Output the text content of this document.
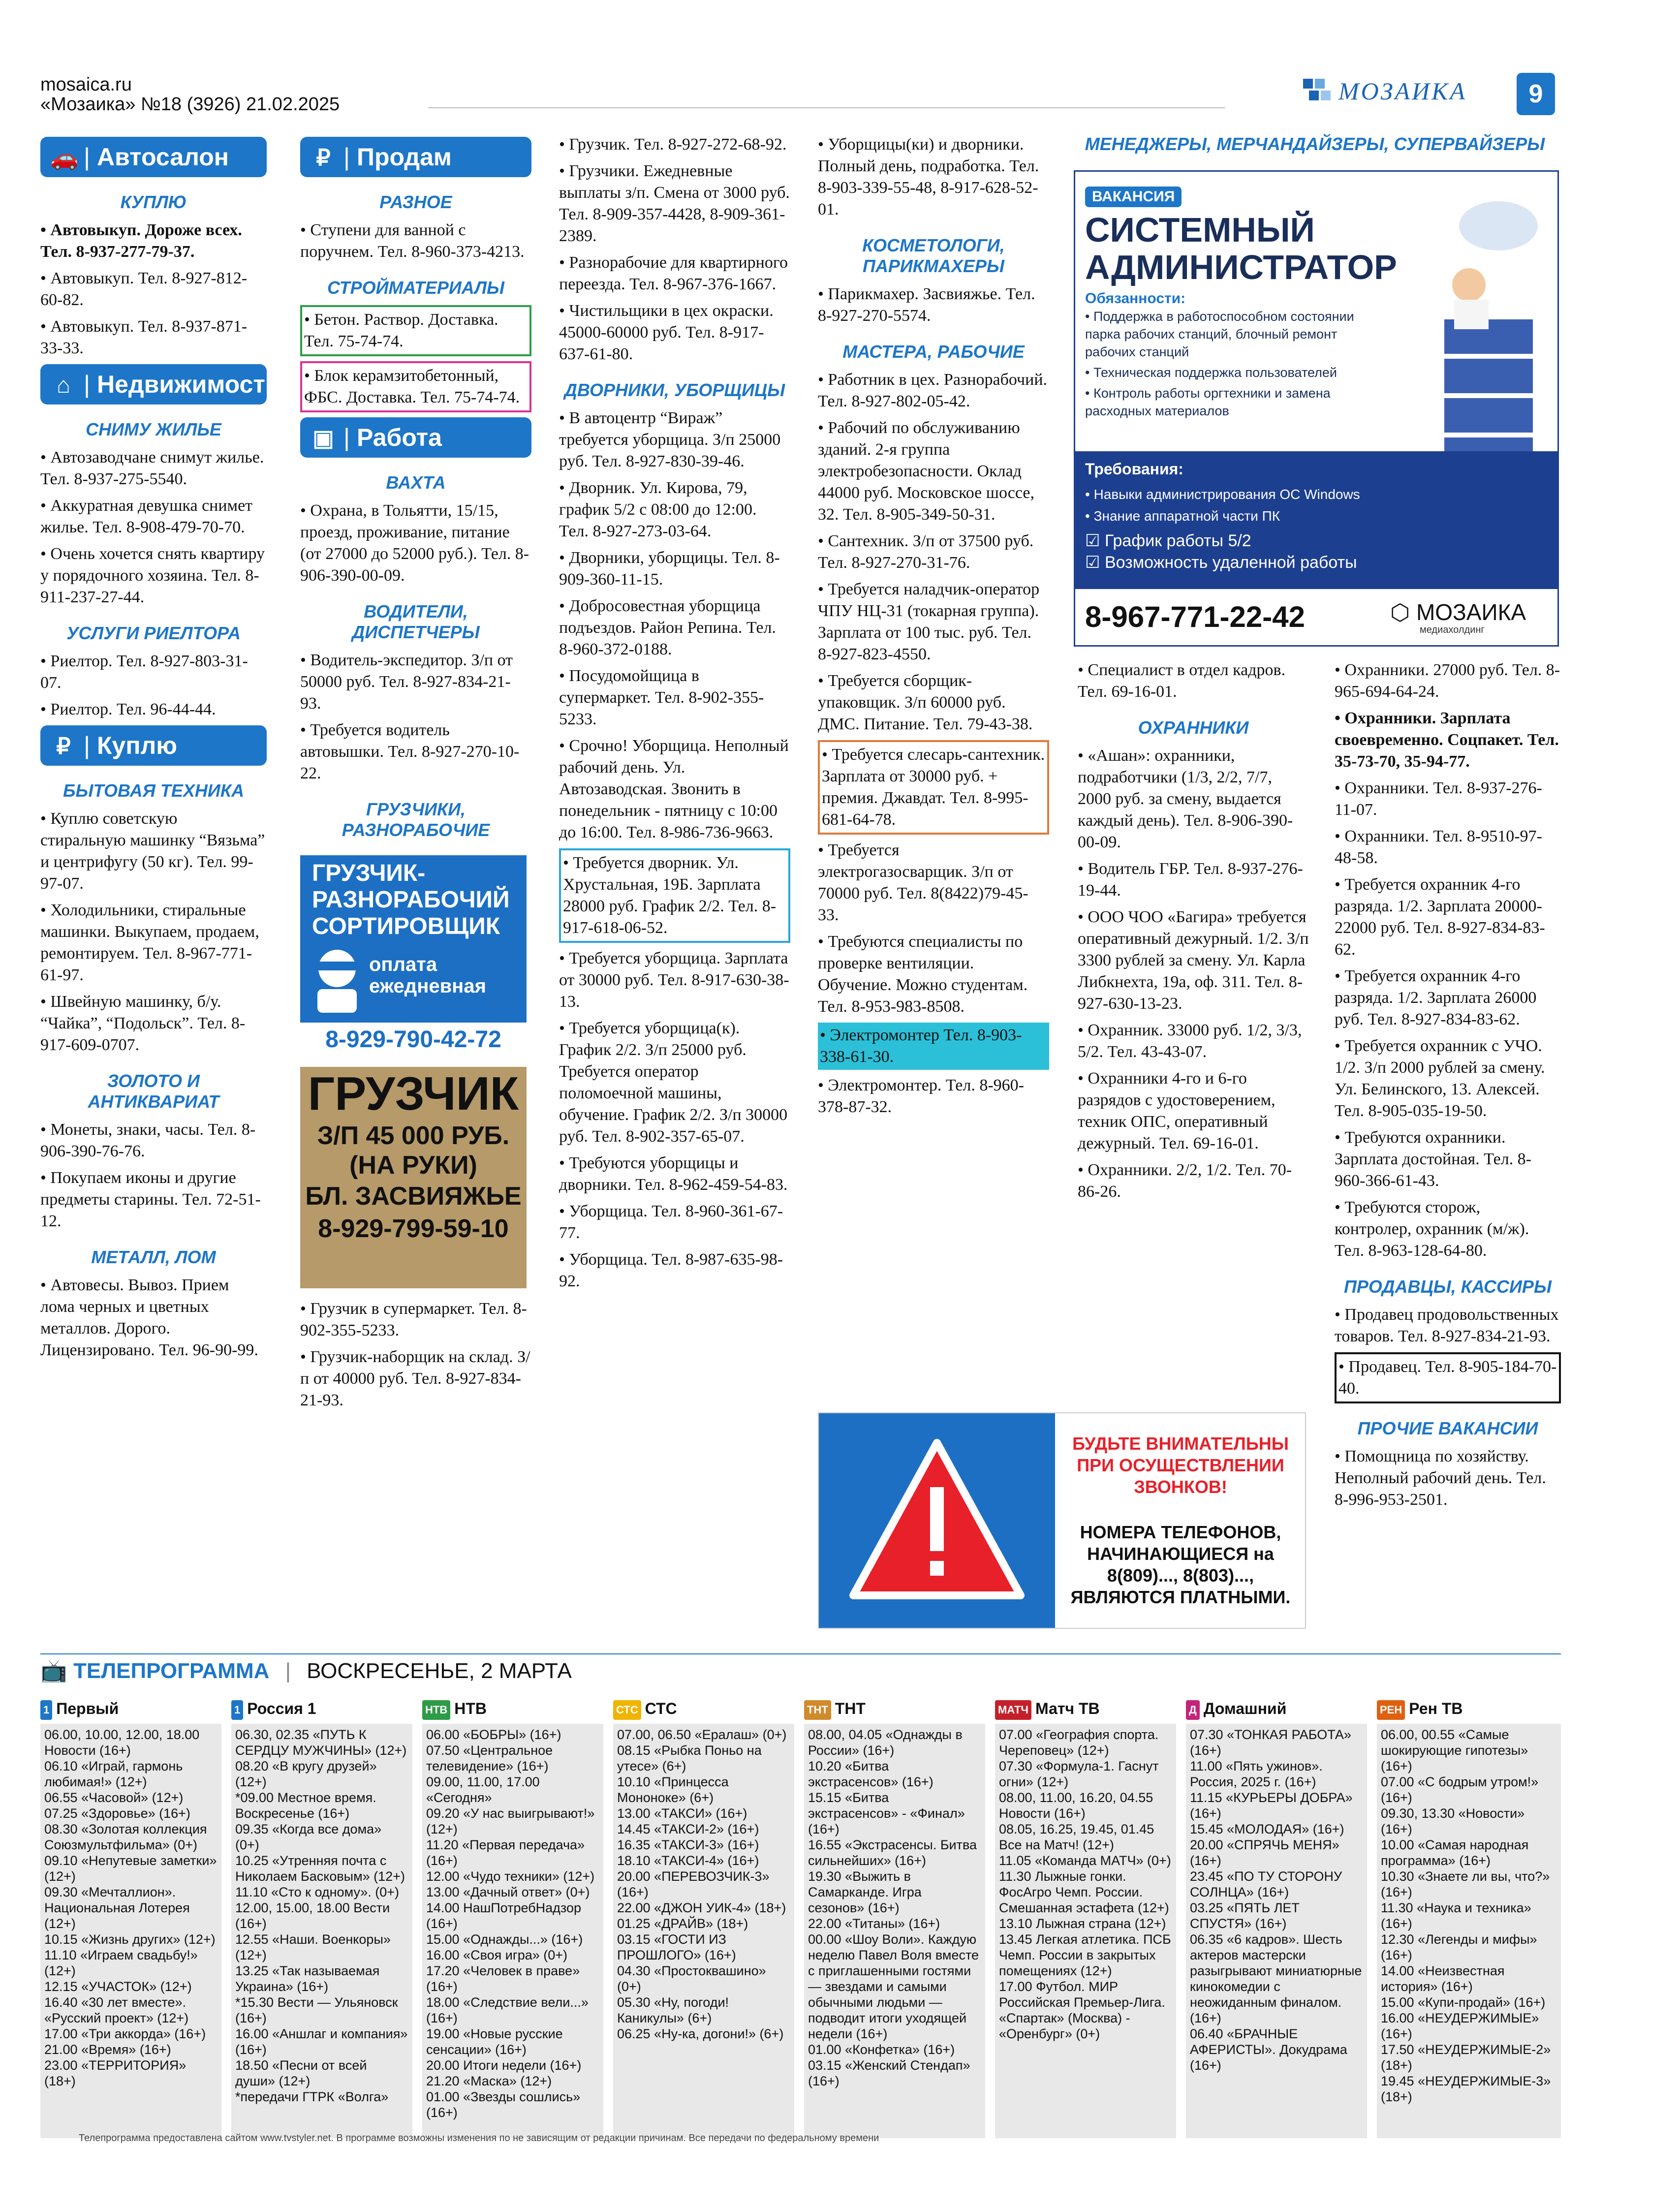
mosaica.ru
«Мозаика» №18 (3926) 21.02.2025	МОЗАИКА	9
🚗 | Автосалон
КУПЛЮ

• Автовыкуп. Дороже всех. Тел. 8-937-277-79-37.

• Автовыкуп. Тел. 8-927-812-60-82.

• Автовыкуп. Тел. 8-937-871-33-33.

⌂ | Недвижимость
СНИМУ ЖИЛЬЕ

• Автозаводчане снимут жилье. Тел. 8-937-275-5540.

• Аккуратная девушка снимет жилье. Тел. 8-908-479-70-70.

• Очень хочется снять квартиру у порядочного хозяина. Тел. 8-911-237-27-44.

УСЛУГИ РИЕЛТОРА

• Риелтор. Тел. 8-927-803-31-07.

• Риелтор. Тел. 96-44-44.

₽ | Куплю
БЫТОВАЯ ТЕХНИКА

• Куплю советскую стиральную машинку “Вязьма” и центрифугу (50 кг). Тел. 99-97-07.

• Холодильники, стиральные машинки. Выкупаем, продаем, ремонтируем. Тел. 8-967-771-61-97.

• Швейную машинку, б/у. “Чайка”, “Подольск”. Тел. 8-917-609-0707.

ЗОЛОТО И АНТИКВАРИАТ

• Монеты, знаки, часы. Тел. 8-906-390-76-76.

• Покупаем иконы и другие предметы старины. Тел. 72-51-12.

МЕТАЛЛ, ЛОМ

• Автовесы. Вывоз. Прием лома черных и цветных металлов. Дорого. Лицензировано. Тел. 96-90-99.

₽ | Продам
РАЗНОЕ

• Ступени для ванной с поручнем. Тел. 8-960-373-4213.

СТРОЙМАТЕРИАЛЫ

• Бетон. Раствор. Доставка. Тел. 75-74-74.

• Блок керамзитобетонный, ФБС. Доставка. Тел. 75-74-74.

▣ | Работа
ВАХТА

• Охрана, в Тольятти, 15/15, проезд, проживание, питание (от 27000 до 52000 руб.). Тел. 8-906-390-00-09.

ВОДИТЕЛИ, ДИСПЕТЧЕРЫ

• Водитель-экспедитор. З/п от 50000 руб. Тел. 8-927-834-21-93.

• Требуется водитель автовышки. Тел. 8-927-270-10-22.

ГРУЗЧИКИ, РАЗНОРАБОЧИЕ
ГРУЗЧИК-
РАЗНОРАБОЧИЙ
СОРТИРОВЩИК
оплата ежедневная
8-929-790-42-72
ГРУЗЧИК
З/П 45 000 РУБ.
(НА РУКИ)
БЛ. ЗАСВИЯЖЬЕ
8-929-799-59-10

• Грузчик в супермаркет. Тел. 8-902-355-5233.

• Грузчик-наборщик на склад. З/п от 40000 руб. Тел. 8-927-834-21-93.

• Грузчик. Тел. 8-927-272-68-92.

• Грузчики. Ежедневные выплаты з/п. Смена от 3000 руб. Тел. 8-909-357-4428, 8-909-361-2389.

• Разнорабочие для квартирного переезда. Тел. 8-967-376-1667.

• Чистильщики в цех окраски. 45000-60000 руб. Тел. 8-917-637-61-80.

ДВОРНИКИ, УБОРЩИЦЫ

• В автоцентр “Вираж” требуется уборщица. З/п 25000 руб. Тел. 8-927-830-39-46.

• Дворник. Ул. Кирова, 79, график 5/2 с 08:00 до 12:00. Тел. 8-927-273-03-64.

• Дворники, уборщицы. Тел. 8-909-360-11-15.

• Добросовестная уборщица подъездов. Район Репина. Тел. 8-960-372-0188.

• Посудомойщица в супермаркет. Тел. 8-902-355-5233.

• Срочно! Уборщица. Неполный рабочий день. Ул. Автозаводская. Звонить в понедельник - пятницу с 10:00 до 16:00. Тел. 8-986-736-9663.

• Требуется дворник. Ул. Хрустальная, 19Б. Зарплата 28000 руб. График 2/2. Тел. 8-917-618-06-52.

• Требуется уборщица. Зарплата от 30000 руб. Тел. 8-917-630-38-13.

• Требуется уборщица(к). График 2/2. З/п 25000 руб. Требуется оператор поломоечной машины, обучение. График 2/2. З/п 30000 руб. Тел. 8-902-357-65-07.

• Требуются уборщицы и дворники. Тел. 8-962-459-54-83.

• Уборщица. Тел. 8-960-361-67-77.

• Уборщица. Тел. 8-987-635-98-92.

• Уборщицы(ки) и дворники. Полный день, подработка. Тел. 8-903-339-55-48, 8-917-628-52-01.

КОСМЕТОЛОГИ, ПАРИКМАХЕРЫ

• Парикмахер. Засвияжье. Тел. 8-927-270-5574.

МАСТЕРА, РАБОЧИЕ

• Работник в цех. Разнорабочий. Тел. 8-927-802-05-42.

• Рабочий по обслуживанию зданий. 2-я группа электробезопасности. Оклад 44000 руб. Московское шоссе, 32. Тел. 8-905-349-50-31.

• Сантехник. З/п от 37500 руб. Тел. 8-927-270-31-76.

• Требуется наладчик-оператор ЧПУ НЦ-31 (токарная группа). Зарплата от 100 тыс. руб. Тел. 8-927-823-4550.

• Требуется сборщик-упаковщик. З/п 60000 руб. ДМС. Питание. Тел. 79-43-38.

• Требуется слесарь-сантехник. Зарплата от 30000 руб. + премия. Джавдат. Тел. 8-995-681-64-78.

• Требуется электрогазосварщик. З/п от 70000 руб. Тел. 8(8422)79-45-33.

• Требуются специалисты по проверке вентиляции. Обучение. Можно студентам. Тел. 8-953-983-8508.

• Электромонтер Тел. 8-903-338-61-30.

• Электромонтер. Тел. 8-960-378-87-32.

БУДЬТЕ ВНИМАТЕЛЬНЫ ПРИ ОСУЩЕСТВЛЕНИИ ЗВОНКОВ!
НОМЕРА ТЕЛЕФОНОВ, НАЧИНАЮЩИЕСЯ на 8(809)..., 8(803)..., ЯВЛЯЮТСЯ ПЛАТНЫМИ.
МЕНЕДЖЕРЫ, МЕРЧАНДАЙЗЕРЫ, СУПЕРВАЙЗЕРЫ
ВАКАНСИЯ
СИСТЕМНЫЙ
АДМИНИСТРАТОР
Обязанности:
• Поддержка в работоспособном состоянии парка рабочих станций, блочный ремонт рабочих станций
• Техническая поддержка пользователей
• Контроль работы оргтехники и замена расходных материалов
Требования:
• Навыки администрирования ОС Windows
• Знание аппаратной части ПК
☑ График работы 5/2
☑ Возможность удаленной работы
8-967-771-22-42	⬡ МОЗАИКА
медиахолдинг

• Специалист в отдел кадров. Тел. 69-16-01.

ОХРАННИКИ

• «Ашан»: охранники, подработчики (1/3, 2/2, 7/7, 2000 руб. за смену, выдается каждый день). Тел. 8-906-390-00-09.

• Водитель ГБР. Тел. 8-937-276-19-44.

• ООО ЧОО «Багира» требуется оперативный дежурный. 1/2. З/п 3300 рублей за смену. Ул. Карла Либкнехта, 19а, оф. 311. Тел. 8-927-630-13-23.

• Охранник. 33000 руб. 1/2, 3/3, 5/2. Тел. 43-43-07.

• Охранники 4-го и 6-го разрядов с удостоверением, техник ОПС, оперативный дежурный. Тел. 69-16-01.

• Охранники. 2/2, 1/2. Тел. 70-86-26.

• Охранники. 27000 руб. Тел. 8-965-694-64-24.

• Охранники. Зарплата своевременно. Соцпакет. Тел. 35-73-70, 35-94-77.

• Охранники. Тел. 8-937-276-11-07.

• Охранники. Тел. 8-9510-97-48-58.

• Требуется охранник 4-го разряда. 1/2. Зарплата 20000-22000 руб. Тел. 8-927-834-83-62.

• Требуется охранник 4-го разряда. 1/2. Зарплата 26000 руб. Тел. 8-927-834-83-62.

• Требуется охранник с УЧО. 1/2. З/п 2000 рублей за смену. Ул. Белинского, 13. Алексей. Тел. 8-905-035-19-50.

• Требуются охранники. Зарплата достойная. Тел. 8-960-366-61-43.

• Требуются сторож, контролер, охранник (м/ж). Тел. 8-963-128-64-80.

ПРОДАВЦЫ, КАССИРЫ

• Продавец продовольственных товаров. Тел. 8-927-834-21-93.

• Продавец. Тел. 8-905-184-70-40.

ПРОЧИЕ ВАКАНСИИ

• Помощница по хозяйству. Неполный рабочий день. Тел. 8-996-953-2501.

📺 ТЕЛЕПРОГРАММА | ВОСКРЕСЕНЬЕ, 2 МАРТА
1 Первый
06.00, 10.00, 12.00, 18.00 Новости (16+)
06.10 «Играй, гармонь любимая!» (12+)
06.55 «Часовой» (12+)
07.25 «Здоровье» (16+)
08.30 «Золотая коллекция Союзмультфильма» (0+)
09.10 «Непутевые заметки» (12+)
09.30 «Мечталлион». Национальная Лотерея (12+)
10.15 «Жизнь других» (12+)
11.10 «Играем свадьбу!» (12+)
12.15 «УЧАСТОК» (12+)
16.40 «30 лет вместе». «Русский проект» (12+)
17.00 «Три аккорда» (16+)
21.00 «Время» (16+)
23.00 «ТЕРРИТОРИЯ» (18+)
1 Россия 1
06.30, 02.35 «ПУТЬ К СЕРДЦУ МУЖЧИНЫ» (12+)
08.20 «В кругу друзей» (12+)
*09.00 Местное время. Воскресенье (16+)
09.35 «Когда все дома» (0+)
10.25 «Утренняя почта с Николаем Басковым» (12+)
11.10 «Сто к одному». (0+)
12.00, 15.00, 18.00 Вести (16+)
12.55 «Наши. Военкоры» (12+)
13.25 «Так называемая Украина» (16+)
*15.30 Вести — Ульяновск (16+)
16.00 «Аншлаг и компания» (16+)
18.50 «Песни от всей души» (12+)
*передачи ГТРК «Волга»
НТВ НТВ
06.00 «БОБРЫ» (16+)
07.50 «Центральное телевидение» (16+)
09.00, 11.00, 17.00 «Сегодня»
09.20 «У нас выигрывают!» (12+)
11.20 «Первая передача» (16+)
12.00 «Чудо техники» (12+)
13.00 «Дачный ответ» (0+)
14.00 НашПотребНадзор (16+)
15.00 «Однажды...» (16+)
16.00 «Своя игра» (0+)
17.20 «Человек в праве» (16+)
18.00 «Следствие вели...» (16+)
19.00 «Новые русские сенсации» (16+)
20.00 Итоги недели (16+)
21.20 «Маска» (12+)
01.00 «Звезды сошлись» (16+)
СТС СТС
07.00, 06.50 «Ералаш» (0+)
08.15 «Рыбка Поньо на утесе» (6+)
10.10 «Принцесса Мононоке» (6+)
13.00 «ТАКСИ» (16+)
14.45 «ТАКСИ-2» (16+)
16.35 «ТАКСИ-3» (16+)
18.10 «ТАКСИ-4» (16+)
20.00 «ПЕРЕВОЗЧИК-3» (16+)
22.00 «ДЖОН УИК-4» (18+)
01.25 «ДРАЙВ» (18+)
03.15 «ГОСТИ ИЗ ПРОШЛОГО» (16+)
04.30 «Простоквашино» (0+)
05.30 «Ну, погоди! Каникулы» (6+)
06.25 «Ну-ка, догони!» (6+)
ТНТ ТНТ
08.00, 04.05 «Однажды в России» (16+)
10.20 «Битва экстрасенсов» (16+)
15.15 «Битва экстрасенсов» - «Финал» (16+)
16.55 «Экстрасенсы. Битва сильнейших» (16+)
19.30 «Выжить в Самарканде. Игра сезонов» (16+)
22.00 «Титаны» (16+)
00.00 «Шоу Воли». Каждую неделю Павел Воля вместе с приглашенными гостями — звездами и самыми обычными людьми — подводит итоги уходящей недели (16+)
01.00 «Конфетка» (16+)
03.15 «Женский Стендап» (16+)
МАТЧ Матч ТВ
07.00 «География спорта. Череповец» (12+)
07.30 «Формула-1. Гаснут огни» (12+)
08.00, 11.00, 16.20, 04.55 Новости (16+)
08.05, 16.25, 19.45, 01.45 Все на Матч! (12+)
11.05 «Команда МАТЧ» (0+)
11.30 Лыжные гонки. ФосАгро Чемп. России. Смешанная эстафета (12+)
13.10 Лыжная страна (12+)
13.45 Легкая атлетика. ПСБ Чемп. России в закрытых помещениях (12+)
17.00 Футбол. МИР Российская Премьер-Лига. «Спартак» (Москва) - «Оренбург» (0+)
Д Домашний
07.30 «ТОНКАЯ РАБОТА» (16+)
11.00 «Пять ужинов». Россия, 2025 г. (16+)
11.15 «КУРЬЕРЫ ДОБРА» (16+)
15.45 «МОЛОДАЯ» (16+)
20.00 «СПРЯЧЬ МЕНЯ» (16+)
23.45 «ПО ТУ СТОРОНУ СОЛНЦА» (16+)
03.25 «ПЯТЬ ЛЕТ СПУСТЯ» (16+)
06.35 «6 кадров». Шесть актеров мастерски разыгрывают миниатюрные кинокомедии с неожиданным финалом. (16+)
06.40 «БРАЧНЫЕ АФЕРИСТЫ». Докудрама (16+)
РЕН Рен ТВ
06.00, 00.55 «Самые шокирующие гипотезы» (16+)
07.00 «С бодрым утром!» (16+)
09.30, 13.30 «Новости» (16+)
10.00 «Самая народная программа» (16+)
10.30 «Знаете ли вы, что?» (16+)
11.30 «Наука и техника» (16+)
12.30 «Легенды и мифы» (16+)
14.00 «Неизвестная история» (16+)
15.00 «Купи-продай» (16+)
16.00 «НЕУДЕРЖИМЫЕ» (16+)
17.50 «НЕУДЕРЖИМЫЕ-2» (18+)
19.45 «НЕУДЕРЖИМЫЕ-3» (18+)
Телепрограмма предоставлена сайтом www.tvstyler.net. В программе возможны изменения по не зависящим от редакции причинам. Все передачи по федеральному времени
